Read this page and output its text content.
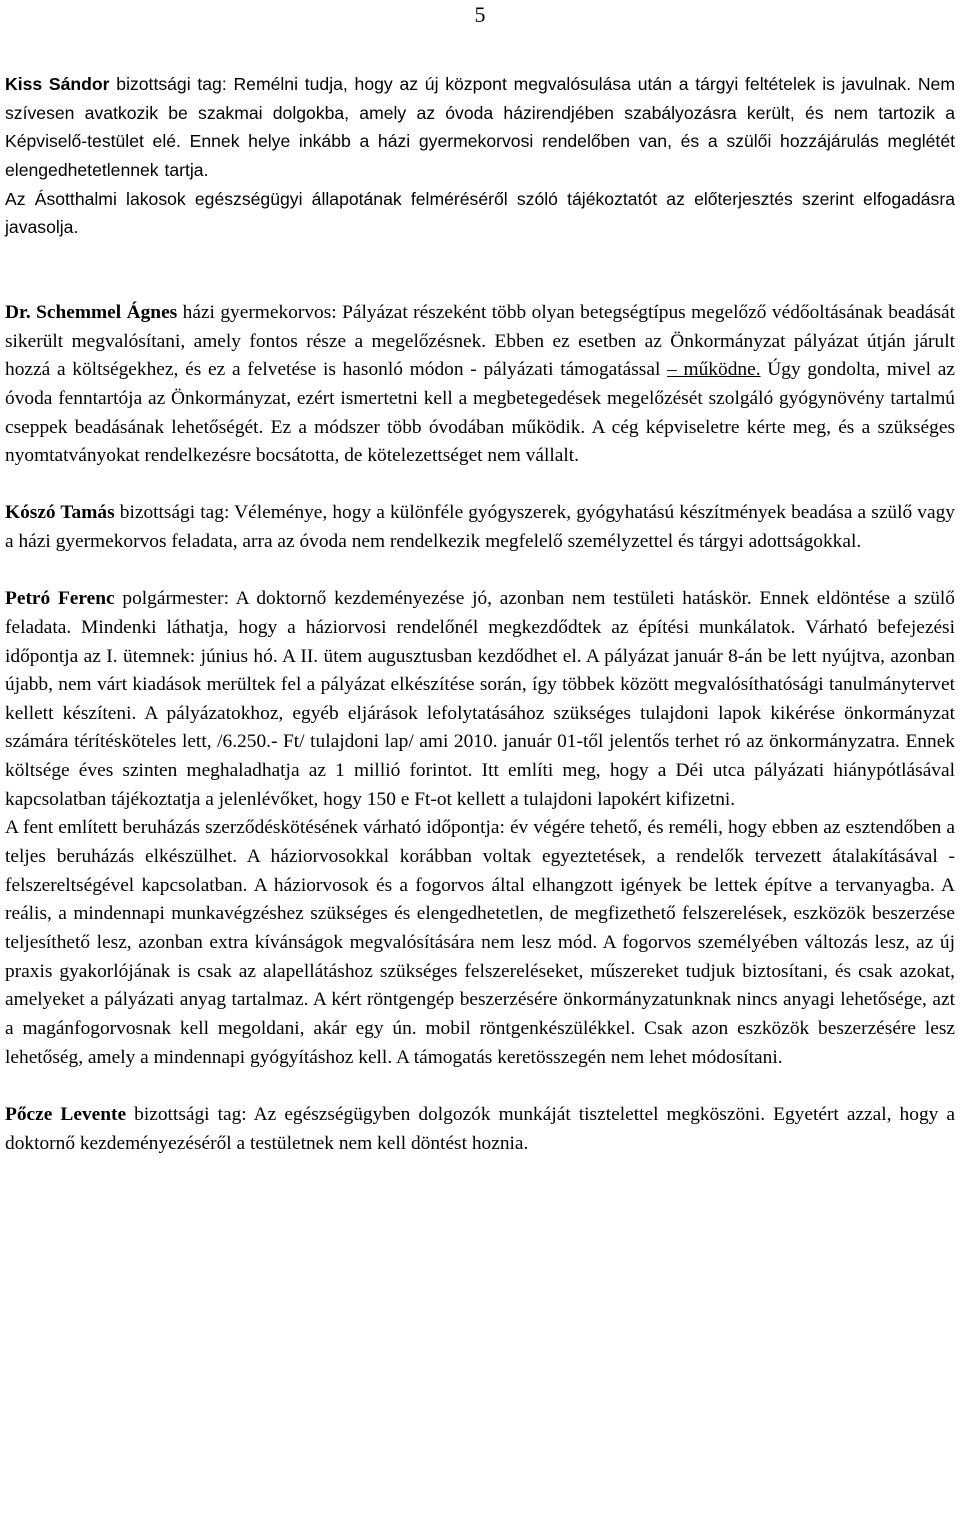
5

Kiss Sándor bizottsági tag: Remélni tudja, hogy az új központ megvalósulása után a tárgyi feltételek is javulnak. Nem szívesen avatkozik be szakmai dolgokba, amely az óvoda házirendjében szabályozásra került, és nem tartozik a Képviselő-testület elé. Ennek helye inkább a házi gyermekorvosi rendelőben van, és a szülői hozzájárulás meglétét elengedhetetlennek tartja.

Az Ásotthalmi lakosok egészségügyi állapotának felméréséről szóló tájékoztatót az előterjesztés szerint elfogadásra javasolja.

Dr. Schemmel Ágnes házi gyermekorvos: Pályázat részeként több olyan betegségtípus megelőző védőoltásának beadását sikerült megvalósítani, amely fontos része a megelőzésnek. Ebben ez esetben az Önkormányzat pályázat útján járult hozzá a költségekhez, és ez a felvetése is hasonló módon - pályázati támogatással – működne. Úgy gondolta, mivel az óvoda fenntartója az Önkormányzat, ezért ismertetni kell a megbetegedések megelőzését szolgáló gyógynövény tartalmú cseppek beadásának lehetőségét. Ez a módszer több óvodában működik. A cég képviseletre kérte meg, és a szükséges nyomtatványokat rendelkezésre bocsátotta, de kötelezettséget nem vállalt.

Kószó Tamás bizottsági tag: Véleménye, hogy a különféle gyógyszerek, gyógyhatású készítmények beadása a szülő vagy a házi gyermekorvos feladata, arra az óvoda nem rendelkezik megfelelő személyzettel és tárgyi adottságokkal.

Petró Ferenc polgármester: A doktornő kezdeményezése jó, azonban nem testületi hatáskör. Ennek eldöntése a szülő feladata. Mindenki láthatja, hogy a háziorvosi rendelőnél megkezdődtek az építési munkálatok. Várható befejezési időpontja az I. ütemnek: június hó. A II. ütem augusztusban kezdődhet el. A pályázat január 8-án be lett nyújtva, azonban újabb, nem várt kiadások merültek fel a pályázat elkészítése során, így többek között megvalósíthatósági tanulmánytervet kellett készíteni. A pályázatokhoz, egyéb eljárások lefolytatásához szükséges tulajdoni lapok kikérése önkormányzat számára térítésköteles lett, /6.250.- Ft/ tulajdoni lap/ ami 2010. január 01-től jelentős terhet ró az önkormányzatra. Ennek költsége éves szinten meghaladhatja az 1 millió forintot. Itt említi meg, hogy a Déi utca pályázati hiánypótlásával kapcsolatban tájékoztatja a jelenlévőket, hogy 150 e Ft-ot kellett a tulajdoni lapokért kifizetni.

A fent említett beruházás szerződéskötésének várható időpontja: év végére tehető, és reméli, hogy ebben az esztendőben a teljes beruházás elkészülhet. A háziorvosokkal korábban voltak egyeztetések, a rendelők tervezett átalakításával - felszereltségével kapcsolatban. A háziorvosok és a fogorvos által elhangzott igények be lettek építve a tervanyagba. A reális, a mindennapi munkavégzéshez szükséges és elengedhetetlen, de megfizethető felszerelések, eszközök beszerzése teljesíthető lesz, azonban extra kívánságok megvalósítására nem lesz mód. A fogorvos személyében változás lesz, az új praxis gyakorlójának is csak az alapellátáshoz szükséges felszereléseket, műszereket tudjuk biztosítani, és csak azokat, amelyeket a pályázati anyag tartalmaz. A kért röntgengép beszerzésére önkormányzatunknak nincs anyagi lehetősége, azt a magánfogorvosnak kell megoldani, akár egy ún. mobil röntgenkészülékkel. Csak azon eszközök beszerzésére lesz lehetőség, amely a mindennapi gyógyításhoz kell. A támogatás keretösszegén nem lehet módosítani.

Pőcze Levente bizottsági tag: Az egészségügyben dolgozók munkáját tisztelettel megköszöni. Egyetért azzal, hogy a doktornő kezdeményezéséről a testületnek nem kell döntést hoznia.
